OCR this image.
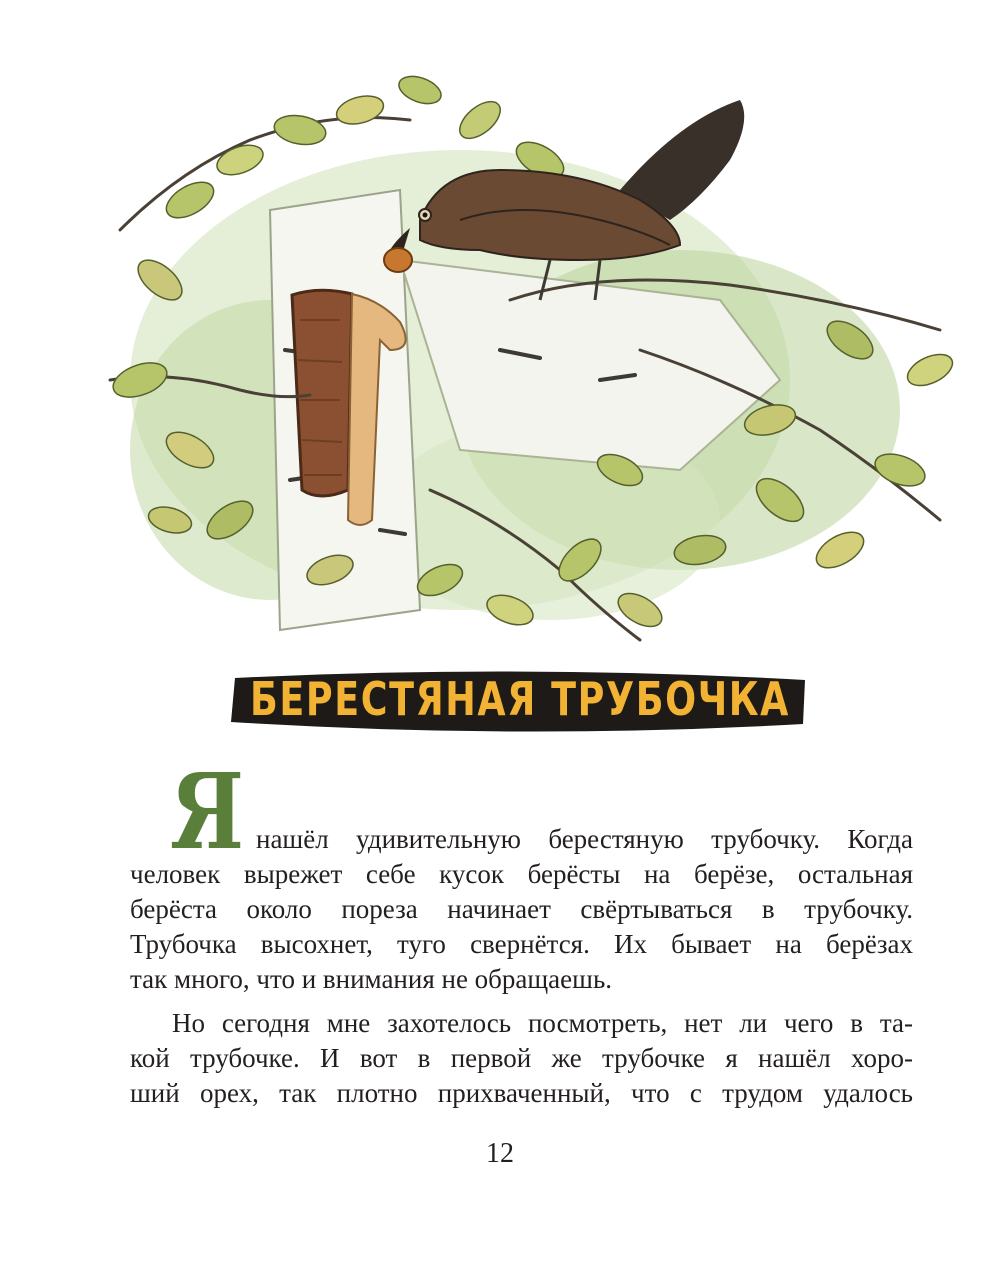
БЕРЕСТЯНАЯ ТРУБОЧКА
Я нашёл удивительную берестяную трубочку. Когда
человек вырежет себе кусок берёсты на берёзе, остальная
берёста около пореза начинает свёртываться в трубочку.
Трубочка высохнет, туго свернётся. Их бывает на берёзах
так много, что и внимания не обращаешь.
Но сегодня мне захотелось посмотреть, нет ли чего в та-
кой трубочке. И вот в первой же трубочке я нашёл хоро-
ший орех, так плотно прихваченный, что с трудом удалось
12
